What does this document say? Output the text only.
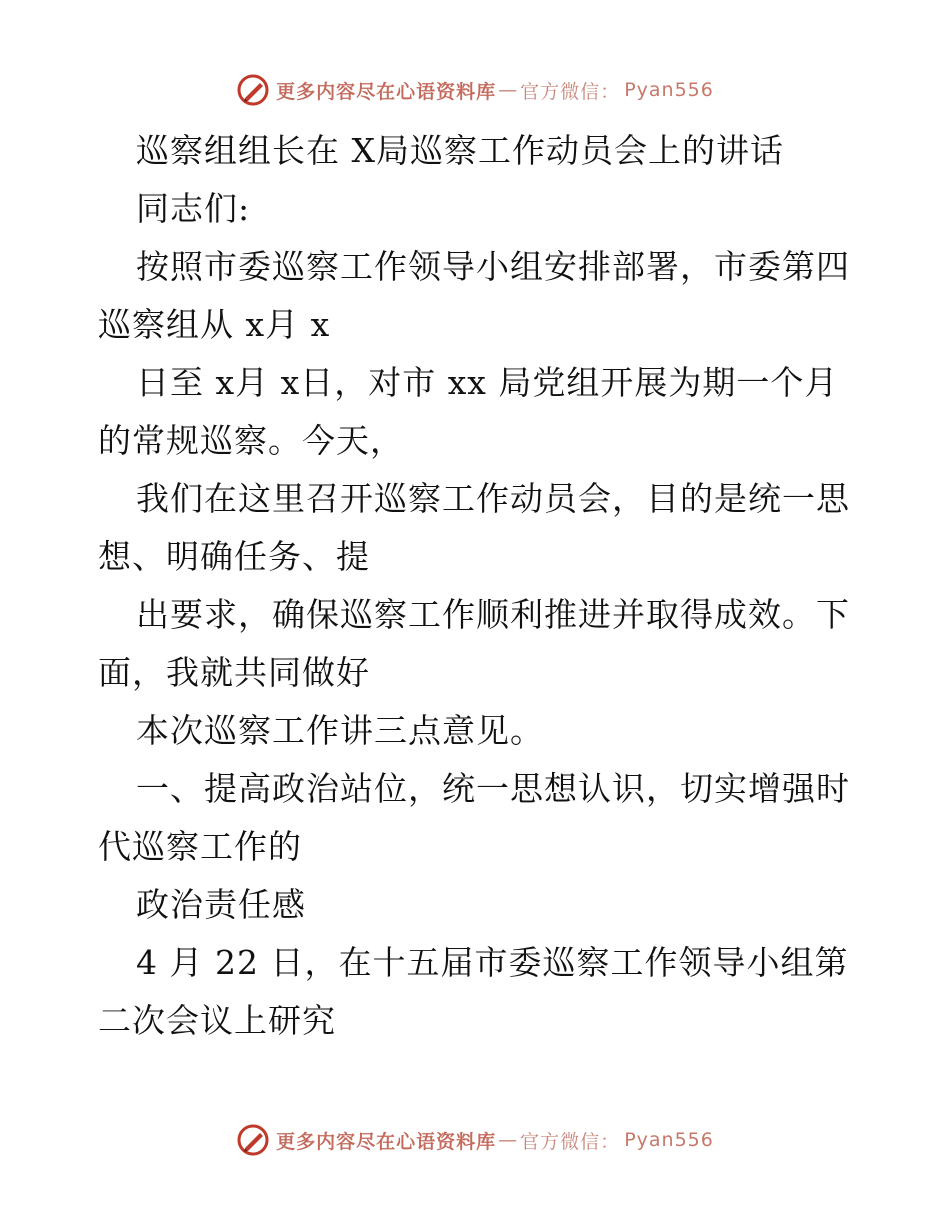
更多内容尽在心语资料库 — 官方微信： Pyan556
巡察组组长在 X局巡察工作动员会上的讲话
同志们:
按照市委巡察工作领导小组安排部署，市委第四
巡察组从 x月 x
日至 x月 x日，对市 xx 局党组开展为期一个月
的常规巡察。今天，
我们在这里召开巡察工作动员会，目的是统一思
想、明确任务、提
出要求，确保巡察工作顺利推进并取得成效。下
面，我就共同做好
本次巡察工作讲三点意见。
一、提高政治站位，统一思想认识，切实增强时
代巡察工作的
政治责任感
4 月 22 日，在十五届市委巡察工作领导小组第
二次会议上研究
更多内容尽在心语资料库 — 官方微信： Pyan556
